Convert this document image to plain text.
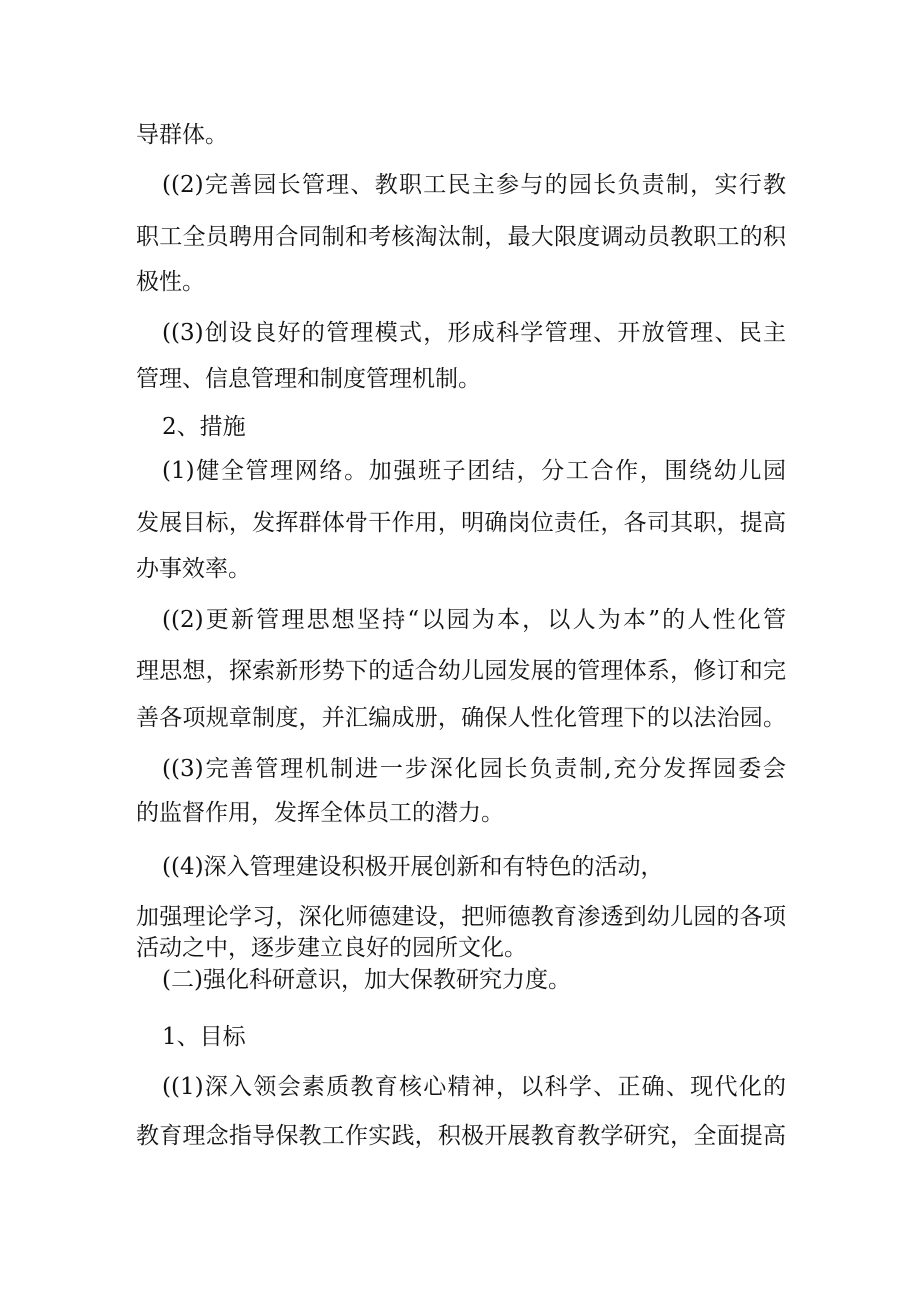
导群体。
((2)完善园长管理、教职工民主参与的园长负责制，实行教
职工全员聘用合同制和考核淘汰制，最大限度调动员教职工的积
极性。
((3)创设良好的管理模式，形成科学管理、开放管理、民主
管理、信息管理和制度管理机制。
2、措施
(1)健全管理网络。加强班子团结，分工合作，围绕幼儿园
发展目标，发挥群体骨干作用，明确岗位责任，各司其职，提高
办事效率。
((2)更新管理思想坚持“以园为本，以人为本”的人性化管
理思想，探索新形势下的适合幼儿园发展的管理体系，修订和完
善各项规章制度，并汇编成册，确保人性化管理下的以法治园。
((3)完善管理机制进一步深化园长负责制,充分发挥园委会
的监督作用，发挥全体员工的潜力。
((4)深入管理建设积极开展创新和有特色的活动，
加强理论学习，深化师德建设，把师德教育渗透到幼儿园的各项
活动之中，逐步建立良好的园所文化。
(二)强化科研意识，加大保教研究力度。
1、目标
((1)深入领会素质教育核心精神，以科学、正确、现代化的
教育理念指导保教工作实践，积极开展教育教学研究，全面提高
